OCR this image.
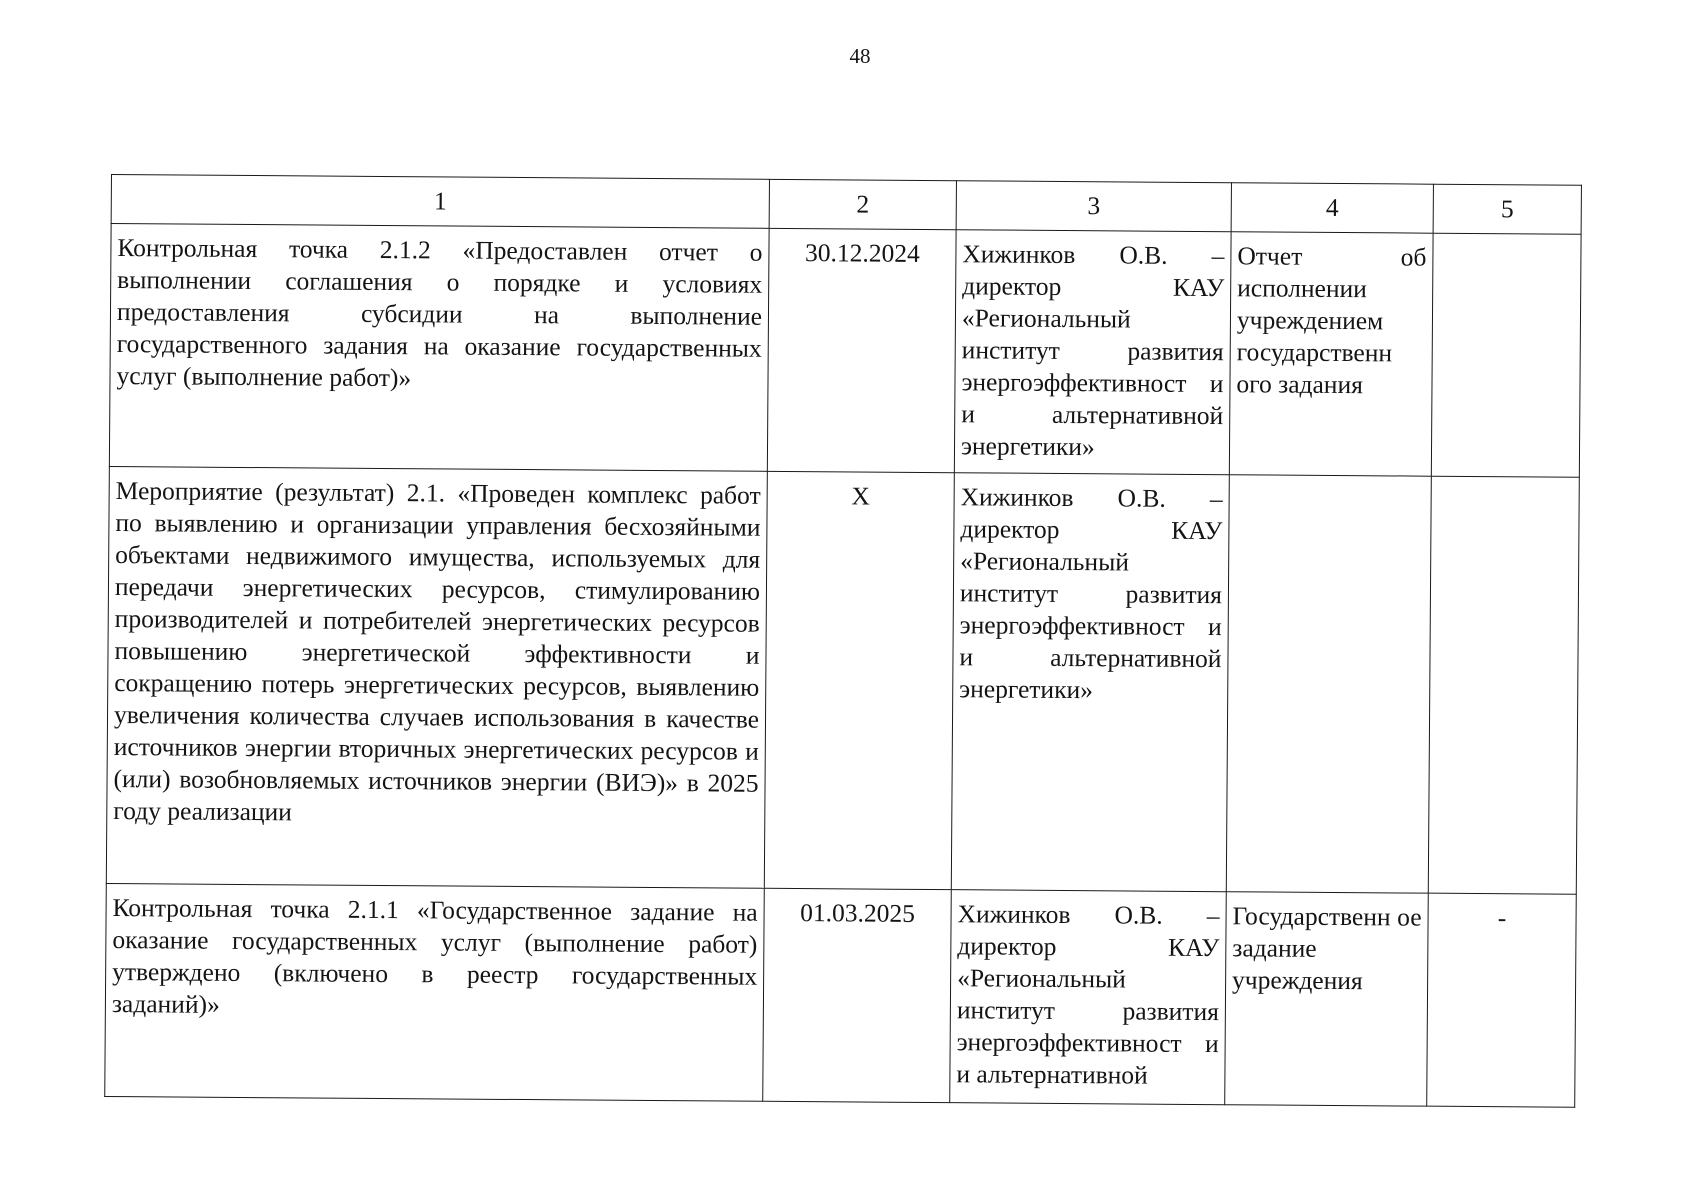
48
1	2	3	4	5
Контрольная точка 2.1.2 «Предоставлен отчет о выполнении соглашения о порядке и условиях предоставления субсидии на выполнение государственного задания на оказание государственных услуг (выполнение работ)»	30.12.2024	Хижинков О.В. – директор КАУ «Региональный институт развития энергоэффективност и и альтернативной энергетики»	Отчет об исполнении учреждением государственн ого задания	
Мероприятие (результат) 2.1. «Проведен комплекс работ по выявлению и организации управления бесхозяйными объектами недвижимого имущества, используемых для передачи энергетических ресурсов, стимулированию производителей и потребителей энергетических ресурсов повышению энергетической эффективности и сокращению потерь энергетических ресурсов, выявлению увеличения количества случаев использования в качестве источников энергии вторичных энергетических ресурсов и (или) возобновляемых источников энергии (ВИЭ)» в 2025 году реализации	Х	Хижинков О.В. – директор КАУ «Региональный институт развития энергоэффективност и и альтернативной энергетики»		
Контрольная точка 2.1.1 «Государственное задание на оказание государственных услуг (выполнение работ) утверждено (включено в реестр государственных заданий)»	01.03.2025	Хижинков О.В. – директор КАУ «Региональный институт развития энергоэффективност и и альтернативной	Государственн ое задание учреждения	-
